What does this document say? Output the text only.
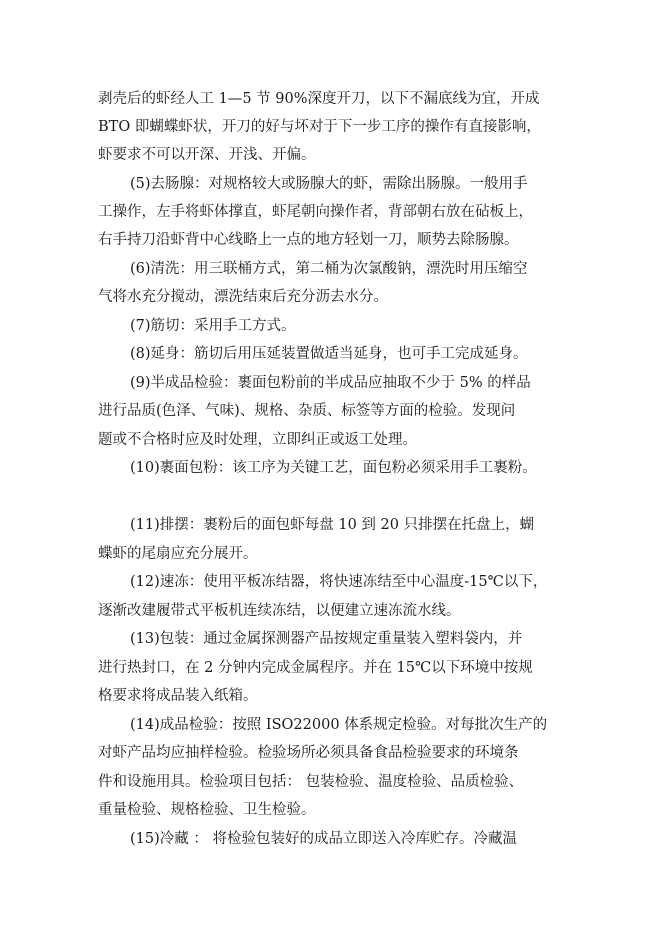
剥壳后的虾经人工 1—5 节 90%深度开刀，以下不漏底线为宜，开成
BTO 即蝴蝶虾状，开刀的好与坏对于下一步工序的操作有直接影响，
虾要求不可以开深、开浅、开偏。
(5)去肠腺：对规格较大或肠腺大的虾，需除出肠腺。一般用手
工操作，左手将虾体撑直，虾尾朝向操作者，背部朝右放在砧板上，
右手持刀沿虾背中心线略上一点的地方轻划一刀，顺势去除肠腺。
(6)清洗：用三联桶方式，第二桶为次氯酸钠，漂洗时用压缩空
气将水充分搅动，漂洗结束后充分沥去水分。
(7)筋切：采用手工方式。
(8)延身：筋切后用压延装置做适当延身，也可手工完成延身。
(9)半成品检验：裹面包粉前的半成品应抽取不少于 5% 的样品
进行品质(色泽、气味)、规格、杂质、标签等方面的检验。发现问
题或不合格时应及时处理，立即纠正或返工处理。
(10)裹面包粉：该工序为关键工艺，面包粉必须采用手工裹粉。
(11)排摆：裹粉后的面包虾每盘 10 到 20 只排摆在托盘上，蝴
蝶虾的尾扇应充分展开。
(12)速冻：使用平板冻结器，将快速冻结至中心温度-15℃以下，
逐渐改建履带式平板机连续冻结，以便建立速冻流水线。
(13)包装：通过金属探测器产品按规定重量装入塑料袋内，并
进行热封口，在 2 分钟内完成金属程序。并在 15℃以下环境中按规
格要求将成品装入纸箱。
(14)成品检验：按照 ISO22000 体系规定检验。对每批次生产的
对虾产品均应抽样检验。检验场所必须具备食品检验要求的环境条
件和设施用具。检验项目包括： 包装检验、温度检验、品质检验、
重量检验、规格检验、卫生检验。
(15)冷藏 ： 将检验包装好的成品立即送入冷库贮存。冷藏温
